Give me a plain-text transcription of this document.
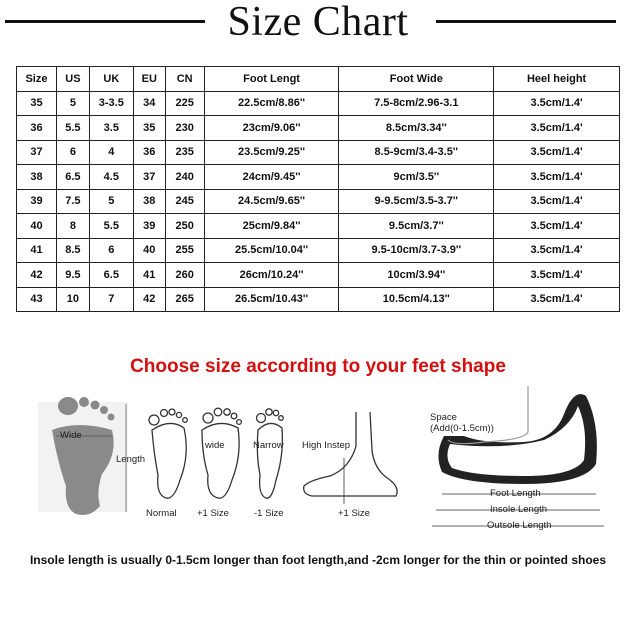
Size Chart
Size	US	UK	EU	CN	Foot Lengt	Foot Wide	Heel height
35	5	3-3.5	34	225	22.5cm/8.86''	7.5-8cm/2.96-3.1	3.5cm/1.4'
36	5.5	3.5	35	230	23cm/9.06''	8.5cm/3.34''	3.5cm/1.4'
37	6	4	36	235	23.5cm/9.25''	8.5-9cm/3.4-3.5''	3.5cm/1.4'
38	6.5	4.5	37	240	24cm/9.45''	9cm/3.5''	3.5cm/1.4'
39	7.5	5	38	245	24.5cm/9.65''	9-9.5cm/3.5-3.7''	3.5cm/1.4'
40	8	5.5	39	250	25cm/9.84''	9.5cm/3.7''	3.5cm/1.4'
41	8.5	6	40	255	25.5cm/10.04''	9.5-10cm/3.7-3.9''	3.5cm/1.4'
42	9.5	6.5	41	260	26cm/10.24''	10cm/3.94''	3.5cm/1.4'
43	10	7	42	265	26.5cm/10.43''	10.5cm/4.13''	3.5cm/1.4'
Choose size according to your feet shape
Wide
Length
wide	Narrow
Normal +1 Size	-1 Size
High Instep
+1 Size
Space
(Add(0-1.5cm))
Foot Length
Insole Length
Outsole Length
Insole length is usually 0-1.5cm longer than foot length,and -2cm longer for the thin or pointed shoes
